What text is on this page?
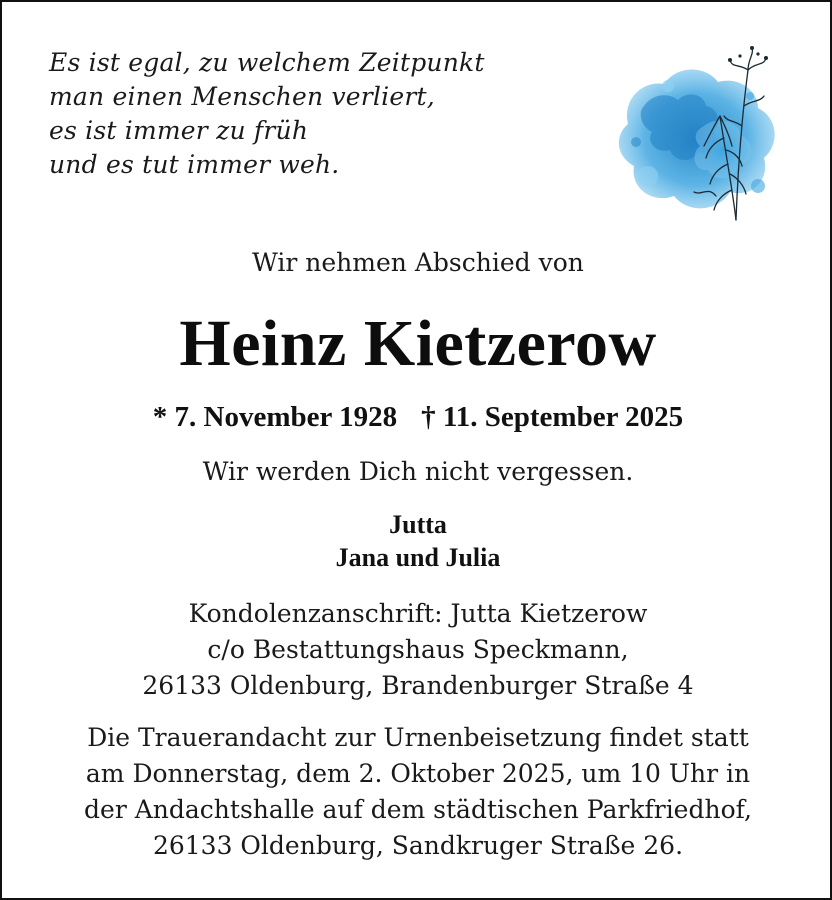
Es ist egal, zu welchem Zeitpunkt
man einen Menschen verliert,
es ist immer zu früh
und es tut immer weh.
Wir nehmen Abschied von
Heinz Kietzerow
* 7. November 1928 † 11. September 2025
Wir werden Dich nicht vergessen.
Jutta
Jana und Julia
Kondolenzanschrift: Jutta Kietzerow
c/o Bestattungshaus Speckmann,
26133 Oldenburg, Brandenburger Straße 4
Die Trauerandacht zur Urnenbeisetzung findet statt
am Donnerstag, dem 2. Oktober 2025, um 10 Uhr in
der Andachtshalle auf dem städtischen Parkfriedhof,
26133 Oldenburg, Sandkruger Straße 26.
